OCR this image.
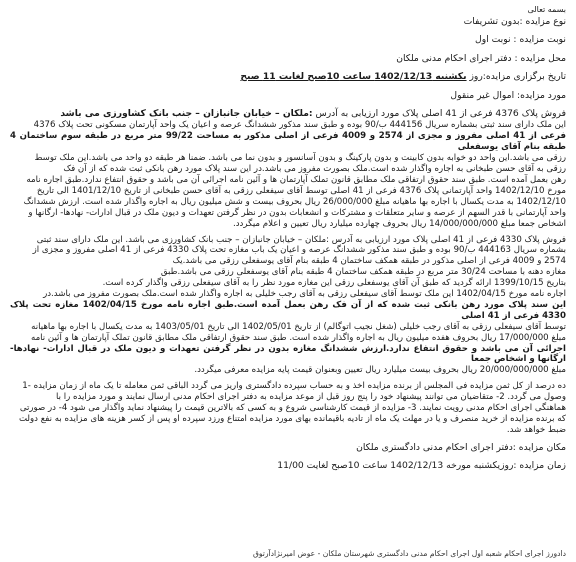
بسمه تعالی
نوع مزایده :بدون تشریفات
نوبت مزایده : نوبت اول
محل مزایده : دفتر اجرای احکام مدنی ملکان
تاریخ برگزاری مزایده:روز یکشنبه 1402/12/13 ساعت 10صبح لغایت 11 صبح
مورد مزایده: اموال غیر منقول
فروش پلاک 4376 فرعی از 41 اصلی پلاک مورد ارزیابی به آدرس :ملکان – خیابان جانبازان – جنب بانک کشاورزی می باشد

این ملک دارای سند ثبتی بشماره سریال 444156 ب/90 بوده و طبق سند مذکور ششدانگ عرصه و اعیان یک واحد آپارتمان مسکونی تحت پلاک 4376

فرعی از 41 اصلی مفروز و مجزی از 2574 و 4009 فرعی از اصلی مذکور به مساحت 99/22 متر مربع در طبقه سوم ساختمان 4 طبقه بنام آقای یوسفعلی

رزقی می باشد.این واحد دو خوابه بدون کابینت و بدون پارکینگ و بدون آسانسور و بدون نما می باشد. ضمنا هر طبقه دو واحد می باشد.این ملک توسط

رزقی به آقای حسن طبخانی به اجاره واگذار شده است.ملک بصورت مفروز می باشد.در این سند پلاک مورد رهن بانکی ثبت شده که از آن فک

رهن بعمل آمده است. طبق سند حقوق ارتفاقی ملک مطابق قانون تملک آپارتمان ها و آئین نامه اجرائی آن می باشد و حقوق انتفاع ندارد.طبق اجاره نامه

مورخ 1402/12/10 واحد آپارتمانی پلاک 4376 فرعی از 41 اصلی توسط آقای سیفعلی رزقی به آقای حسن طبخانی از تاریخ 1401/12/10 الی تاریخ

1402/12/10 به مدت یکسال با اجاره بها ماهیانه مبلغ 26/000/000 ریال بحروف بیست و شش میلیون ریال به اجاره واگذار شده است. ارزش ششدانگ

واحد آپارتمانی با قدر السهم از عرصه و سایر متعلقات و مشترکات و انشعابات بدون در نظر گرفتن تعهدات و دیون ملک در قبال ادارات- نهادها- ارگانها و

اشخاص جمعا مبلغ 14/000/000/000 ریال بحروف چهارده میلیارد ریال تعیین و اعلام میگردد.

فروش پلاک 4330 فرعی از 41 اصلی پلاک مورد ارزیابی به آدرس :ملکان – خیابان جانبازان – جنب بانک کشاورزی می باشد. این ملک دارای سند ثبتی

بشماره سریال 444163 ب/90 بوده و طبق سند مذکور ششدانگ عرصه و اعیان یک باب مغازه تحت پلاک 4330 فرعی از 41 اصلی مفروز و مجزی از

2574 و 4009 فرعی از اصلی مذکور در طبقه همکف ساختمان 4 طبقه بنام آقای یوسفعلی رزقی می باشد.یک

مغازه دهنه با مساحت 30/24 متر مربع در طبقه همکف ساختمان 4 طبقه بنام آقای یوسفعلی رزقی می باشد.طبق

بتاریخ 1399/10/15 ارائه گردید که طبق آن آقای یوسفعلی رزقی این مغازه مورد نظر را به آقای سیفعلی رزقی واگذار کرده است.

اجاره نامه مورخ 1402/04/15 این ملک توسط آقای سیفعلی رزقی به آقای رجب خلیلی به اجاره واگذار شده است.ملک بصورت مفروز می باشد.در

این سند پلاک مورد رهن بانکی ثبت شده که از آن فک رهن بعمل آمده است.طبق اجاره نامه مورخ 1402/04/15 مغازه تحت پلاک 4330 فرعی از 41 اصلی

توسط آقای سیفعلی رزقی به آقای رجب خلیلی (شغل نجیب اتوگالم) از تاریخ 1402/05/01 الی تاریخ 1403/05/01 به مدت یکسال با اجاره بها ماهیانه

مبلغ 17/000/000 ریال بحروف هفده میلیون ریال به اجاره واگذار شده است. طبق سند حقوق ارتفاقی ملک مطابق قانون تملک آپارتمان ها و آئین نامه

اجرائی آن می باشد و حقوق انتفاع ندارد.ارزش ششدانگ مغازه بدون در نظر گرفتن تعهدات و دیون ملک در قبال ادارات- نهادها- ارگانها و اشخاص جمعا

مبلغ 20/000/000/000 ریال بحروف بیست میلیارد ریال تعیین وبعنوان قیمت پایه مزایده معرفی میگردد.

ده درصد از کل ثمن مزایده فی المجلس از برنده مزایده اخذ و به حساب سپرده دادگستری واریز می گردد الباقی ثمن معامله تا یک ماه از زمان مزایده -1

وصول می گردد. 2- متقاضیان می توانند پیشنهاد خود را پنج روز قبل از موعد مزایده به دفتر اجرای احکام مدنی ارسال نمایند و مورد مزایده را با

هماهنگی اجرای احکام مدنی رویت نمایند. 3- مزایده از قیمت کارشناسی شروع و به کسی که بالاترین قیمت را پیشنهاد نماید واگذار می شود 4- در صورتی

که برنده مزایده از خرید منصرف و یا در مهلت یک ماه از تادیه باقیمانده بهای مورد مزایده امتناع ورزد سپرده او پس از کسر هزینه های مزایده به نفع دولت

ضبط خواهد شد.

مکان مزایده :دفتر اجرای احکام مدنی دادگستری ملکان
زمان مزایده :روزیکشنبه مورخه 1402/12/13 ساعت 10صبح لغایت 11/00
دادورز اجرای احکام شعبه اول اجرای احکام مدنی دادگستری شهرستان ملکان - عوض امیرنژادآرتوق
